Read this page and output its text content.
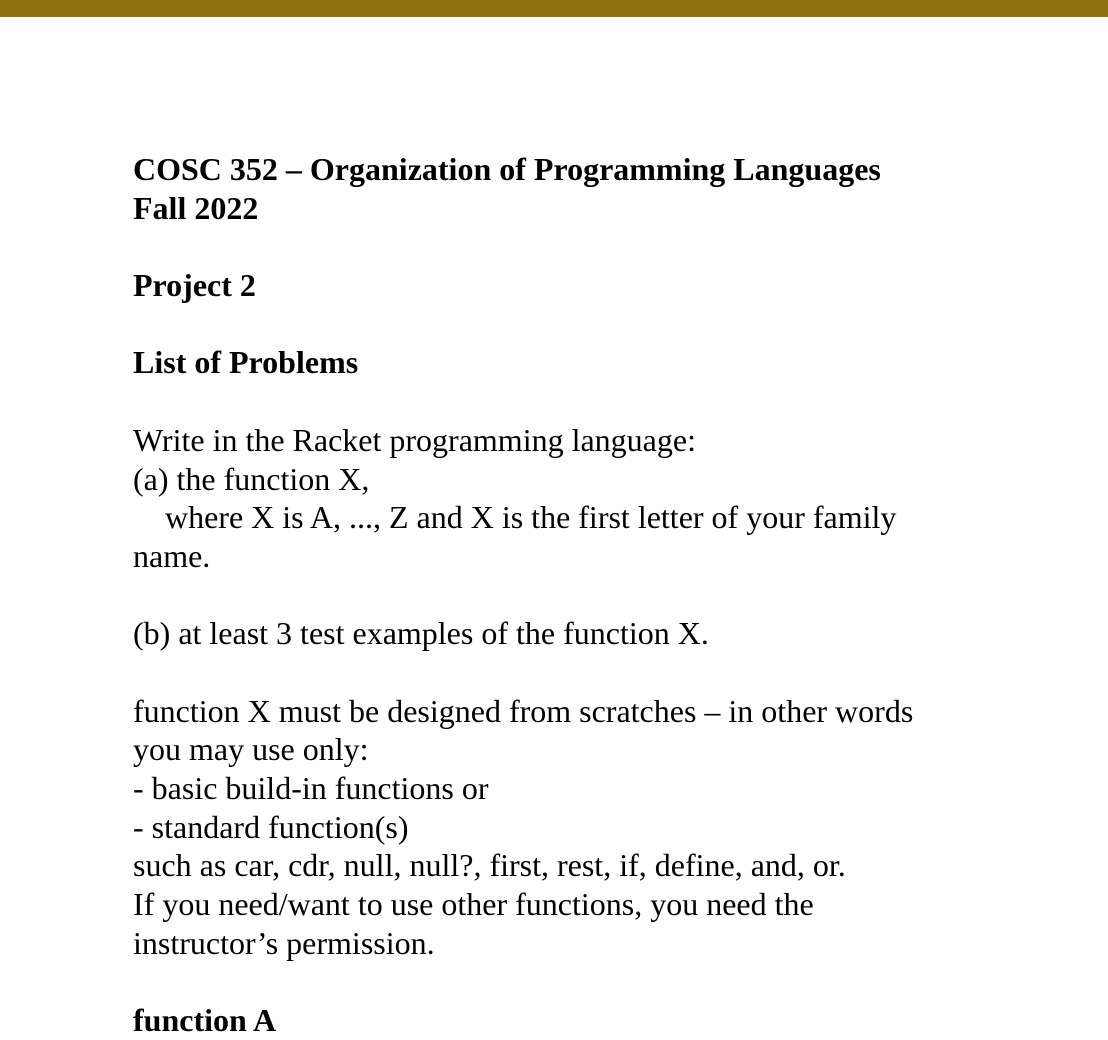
COSC 352 – Organization of Programming Languages
Fall 2022
Project 2
List of Problems
Write in the Racket programming language:
(a) the function X,
where X is A, ..., Z and X is the first letter of your family
name.
(b) at least 3 test examples of the function X.
function X must be designed from scratches – in other words
you may use only:
- basic build-in functions or
- standard function(s)
such as car, cdr, null, null?, first, rest, if, define, and, or.
If you need/want to use other functions, you need the
instructor’s permission.
function A
